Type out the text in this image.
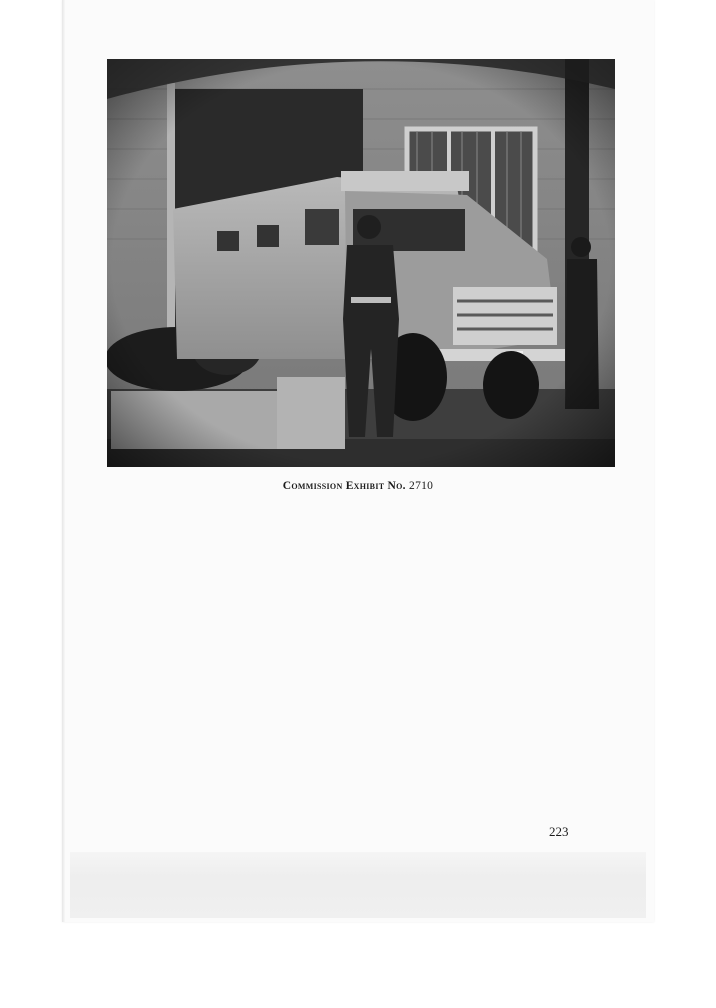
Commission Exhibit No. 2710
223
